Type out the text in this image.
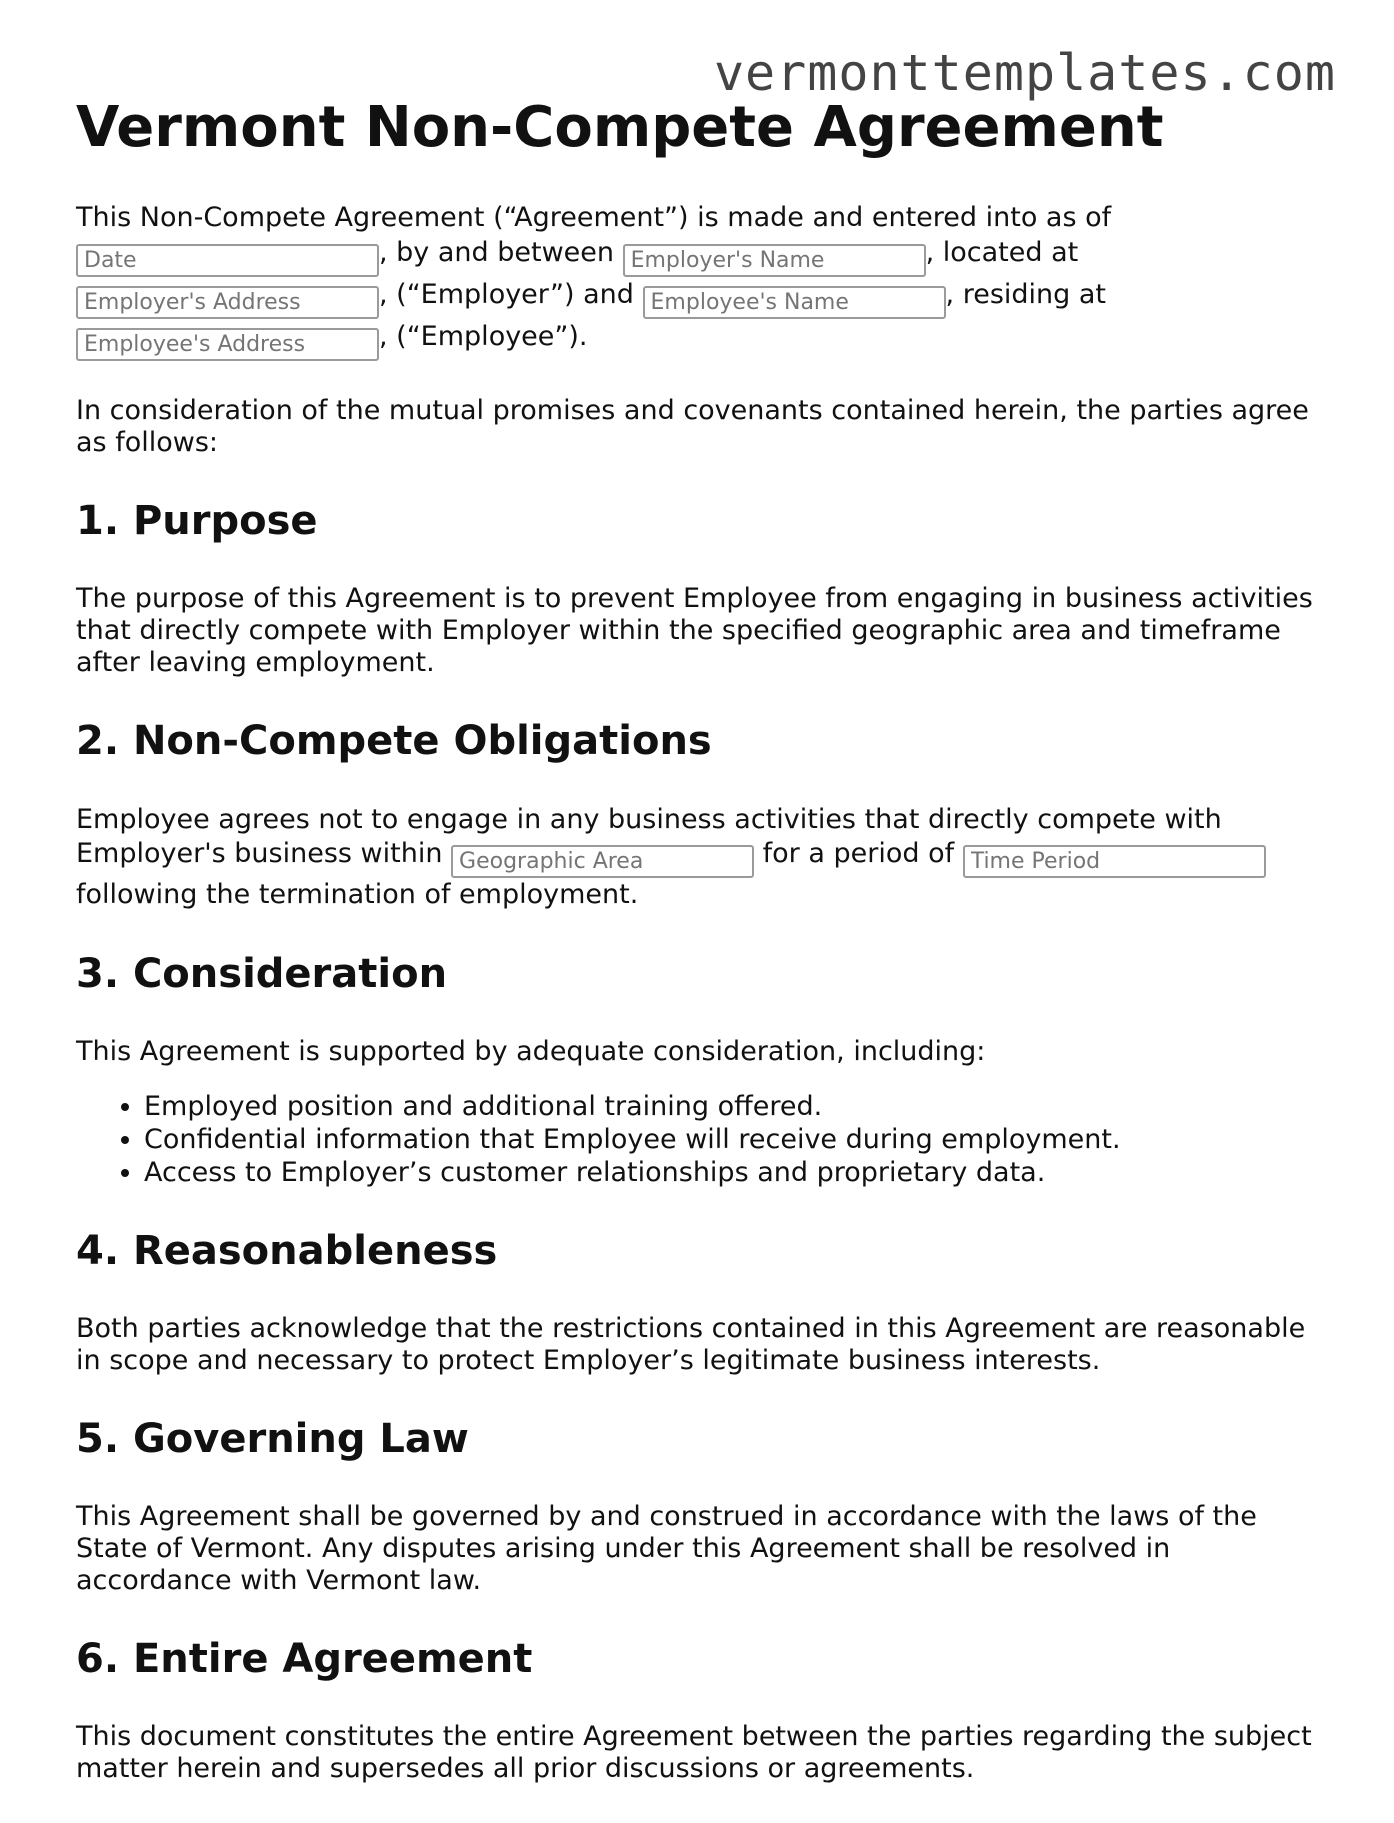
vermonttemplates.com
Vermont Non-Compete Agreement

This Non-Compete Agreement (“Agreement”) is made and entered into as of
Date, by and between Employer's Name	, located at
Employer's Address, (“Employer”) and Employee's Name	, residing at
Employee's Address, (“Employee”).

In consideration of the mutual promises and covenants contained herein, the parties agree as follows:

1. Purpose

The purpose of this Agreement is to prevent Employee from engaging in business activities that directly compete with Employer within the specified geographic area and timeframe after leaving employment.

2. Non-Compete Obligations

Employee agrees not to engage in any business activities that directly compete with Employer's business within Geographic Area	for a period of Time Period
following the termination of employment.

3. Consideration

This Agreement is supported by adequate consideration, including:

• Employed position and additional training offered.
• Confidential information that Employee will receive during employment.
• Access to Employer’s customer relationships and proprietary data.
4. Reasonableness

Both parties acknowledge that the restrictions contained in this Agreement are reasonable in scope and necessary to protect Employer’s legitimate business interests.

5. Governing Law

This Agreement shall be governed by and construed in accordance with the laws of the State of Vermont. Any disputes arising under this Agreement shall be resolved in accordance with Vermont law.

6. Entire Agreement

This document constitutes the entire Agreement between the parties regarding the subject matter herein and supersedes all prior discussions or agreements.
